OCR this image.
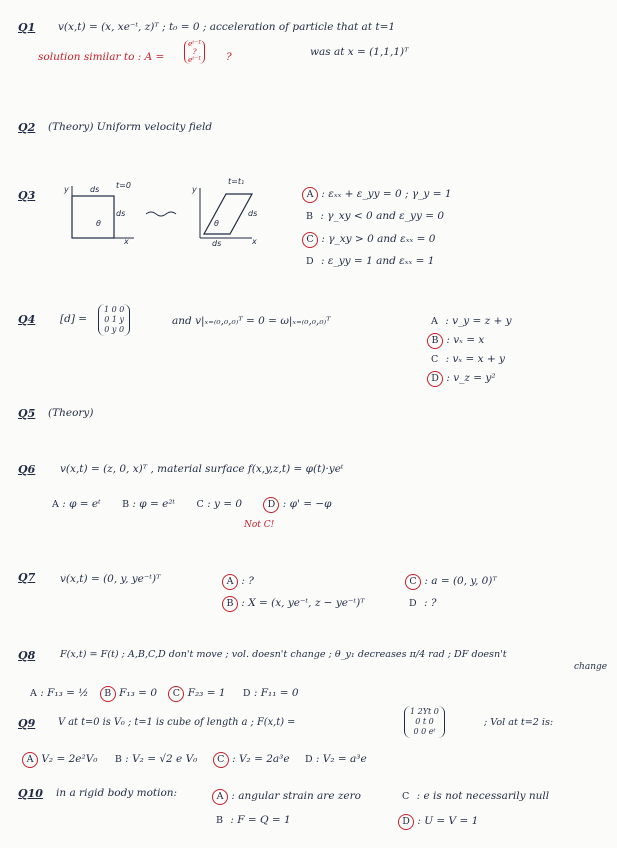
Q1 v(x,t) = (x, xe⁻ᵗ, z)ᵀ ; t₀ = 0 ; acceleration of particle that at t=1
was at x = (1,1,1)ᵀ
solution similar to : A =
eᵗ⁻¹
?
eᵗ⁻¹ ?
Q2 (Theory) Uniform velocity field
Q3
θ
ds
ds
y
x
t=0
θ
ds
ds
y
x
t=t₁
A : εₓₓ + ε_yy = 0 ; γ_y = 1
B : γ_xy < 0 and ε_yy = 0
C : γ_xy > 0 and εₓₓ = 0
D : ε_yy = 1 and εₓₓ = 1
Q4 [d] =
1 0 0
0 1 y
0 y 0
and v|ₓ₌₍₀,₀,₀₎ᵀ = 0 = ω|ₓ₌₍₀,₀,₀₎ᵀ	A : v_y = z + y
B : vₓ = x
C : vₓ = x + y
D : v_z = y²
Q5 (Theory)
Q6 v(x,t) = (z, 0, x)ᵀ , material surface f(x,y,z,t) = φ(t)·yeᵗ
A : φ = eᵗ B : φ = e²ᵗ C : y = 0	D : φ' = −φ
Not C!
Q7 v(x,t) = (0, y, ye⁻ᵗ)ᵀ	A : ?
B : X = (x, ye⁻ᵗ, z − ye⁻ᵗ)ᵀ
C : a = (0, y, 0)ᵀ
D : ?
Q8	F(x,t) = F(t) ; A,B,C,D don't move ; vol. doesn't change ; θ_y₁ decreases π/4 rad ; DF doesn't
change
A : F₁₃ = ½ B F₁₃ = 0 C F₂₃ = 1 D : F₁₁ = 0
Q9 V at t=0 is V₀ ; t=1 is cube of length a ; F(x,t) =
1 2Yt 0
0 t 0
0 0 eᵗ
; Vol at t=2 is:
A V₂ = 2e²V₀ B : V₂ = √2 e V₀ C : V₂ = 2a³e D : V₂ = a³e
Q10 in a rigid body motion:	A : angular strain are zero
B : F = Q = 1
C : e is not necessarily null
D : U = V = 1
